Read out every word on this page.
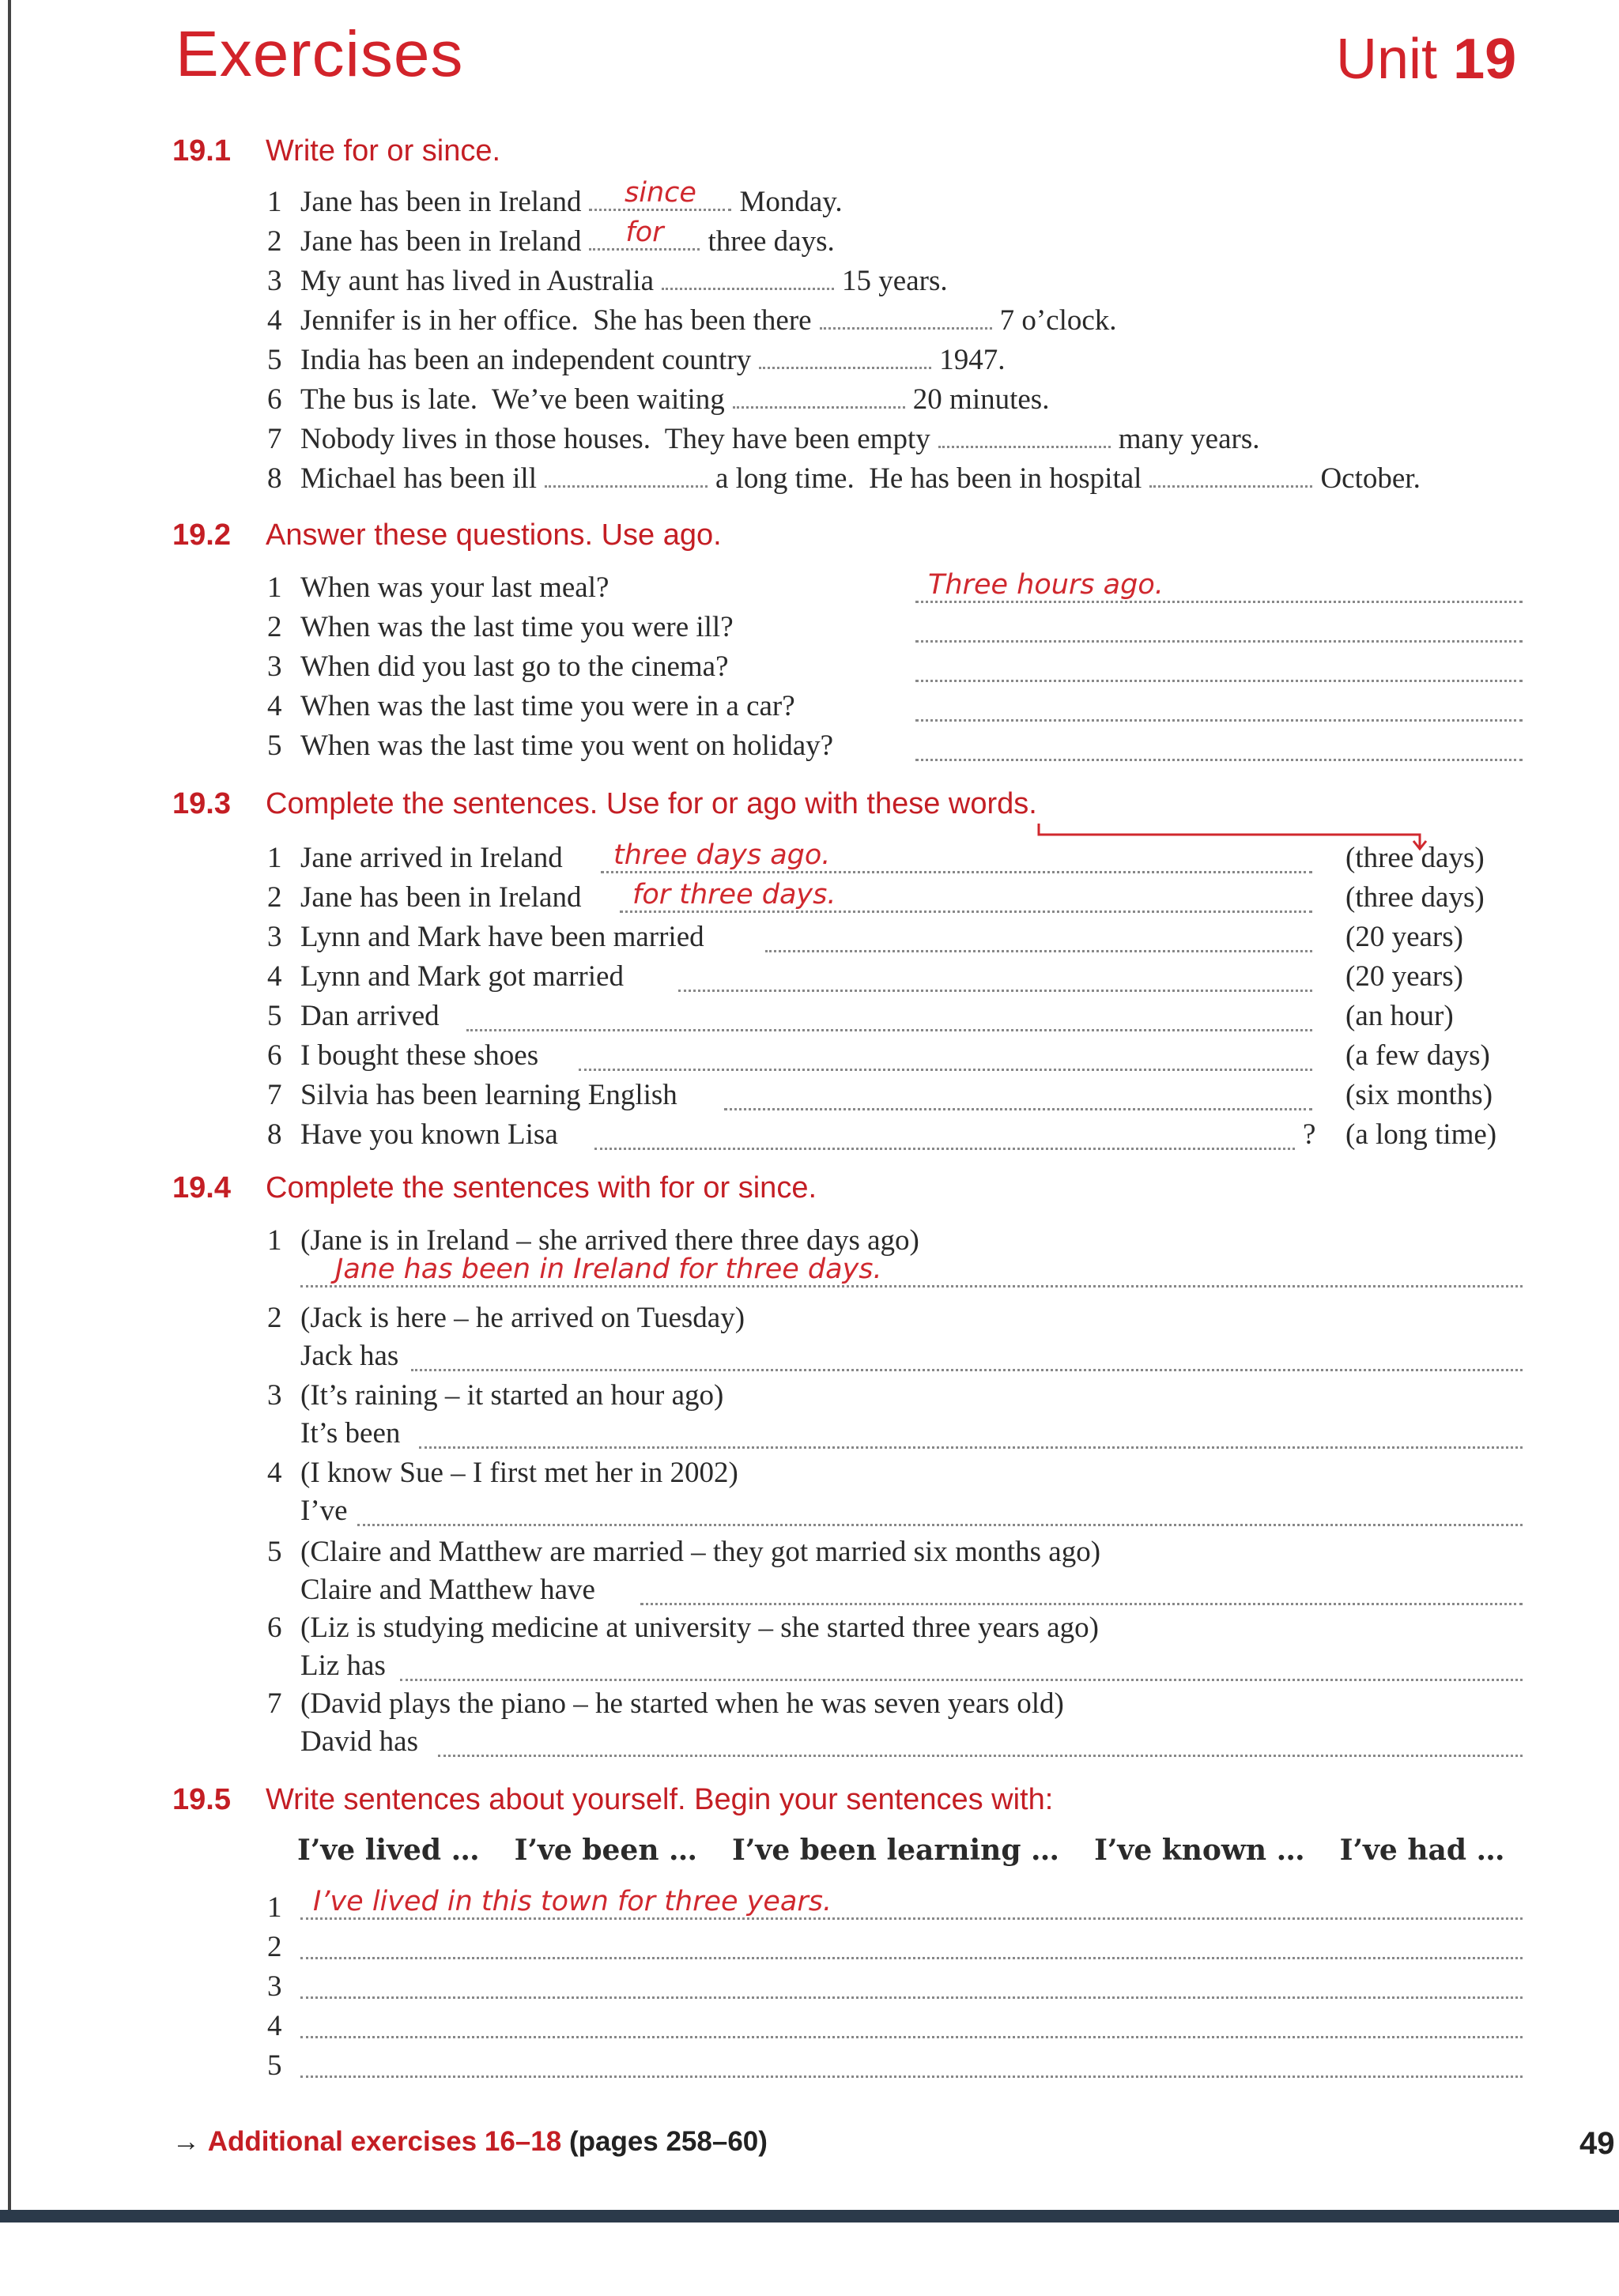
Exercises	Unit 19
19.1 Write for or since.
1 Jane has been in Ireland	since	Monday.
2 Jane has been in Ireland	for	three days.
3 My aunt has lived in Australia	15 years.
4 Jennifer is in her office.  She has been there	7 o’clock.
5 India has been an independent country	1947.
6 The bus is late.  We’ve been waiting	20 minutes.
7 Nobody lives in those houses.  They have been empty	many years.
8 Michael has been ill	a long time.  He has been in hospital	October.
19.2 Answer these questions. Use ago.
1 When was your last meal?	Three hours ago.
2 When was the last time you were ill?
3 When did you last go to the cinema?
4 When was the last time you were in a car?
5 When was the last time you went on holiday?
19.3 Complete the sentences. Use for or ago with these words.
1 Jane arrived in Ireland	three days ago.	(three days)
2 Jane has been in Ireland	for three days.	(three days)
3 Lynn and Mark have been married	(20 years)
4 Lynn and Mark got married	(20 years)
5 Dan arrived	(an hour)
6 I bought these shoes	(a few days)
7 Silvia has been learning English	(six months)
8 Have you known Lisa	? (a long time)
19.4 Complete the sentences with for or since.
1 (Jane is in Ireland – she arrived there three days ago)
Jane has been in Ireland for three days.
2 (Jack is here – he arrived on Tuesday)
Jack has
3 (It’s raining – it started an hour ago)
It’s been
4 (I know Sue – I first met her in 2002)
I’ve
5 (Claire and Matthew are married – they got married six months ago)
Claire and Matthew have
6 (Liz is studying medicine at university – she started three years ago)
Liz has
7 (David plays the piano – he started when he was seven years old)
David has
19.5 Write sentences about yourself. Begin your sentences with:
I’ve lived … I’ve been … I’ve been learning … I’ve known … I’ve had …
1	I’ve lived in this town for three years.
2
3
4
5
→ Additional exercises 16–18 (pages 258–60)	49
